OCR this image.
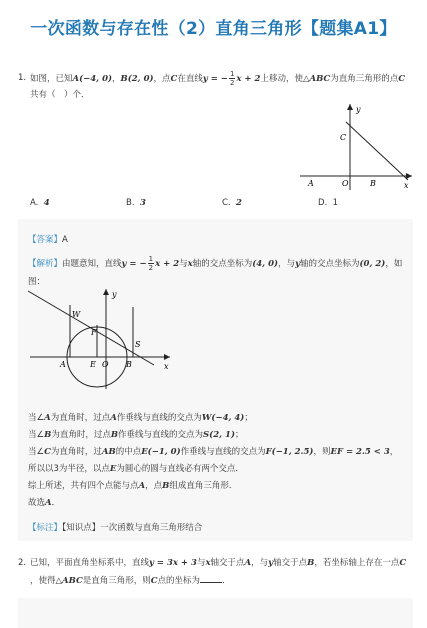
一次函数与存在性（2）直角三角形【题集A1】
1. 如图，已知A(−4, 0)，B(2, 0)，点C在直线y = − $\frac{1}{2}$ x + 2上移动，使△ABC为直角三角形的点C
共有（　）个．
y
x
C
A	O	B
A. 4	B. 3	C. 2	D. 1
【答案】A
【解析】由题意知，直线y = − $\frac{1}{2}$ x + 2与x轴的交点坐标为(4, 0)，与y轴的交点坐标为(0, 2)，如
图：
y
x
W
F
S
A	E O B
当∠A为直角时，过点A作垂线与直线的交点为W(−4, 4)；
当∠B为直角时，过点B作垂线与直线的交点为S(2, 1)；
当∠C为直角时，过AB的中点E(−1, 0)作垂线与直线的交点为F(−1, 2.5)，则EF = 2.5 < 3，
所以以3为半径，以点E为圆心的圆与直线必有两个交点．
综上所述，共有四个点能与点A，点B组成直角三角形．
故选A．
【标注】【知识点】一次函数与直角三角形结合
2. 已知，平面直角坐标系中，直线y = 3x + 3与x轴交于点A，与y轴交于点B，若坐标轴上存在一点C
，使得△ABC是直角三角形，则C点的坐标为	．
